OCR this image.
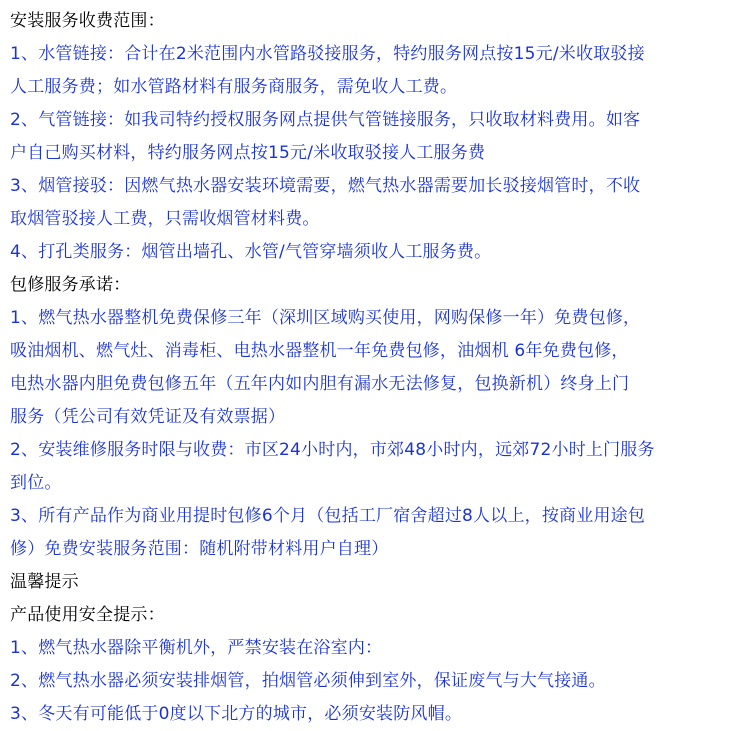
安装服务收费范围：
1、水管链接：合计在2米范围内水管路驳接服务，特约服务网点按15元/米收取驳接
人工服务费；如水管路材料有服务商服务，需免收人工费。
2、气管链接：如我司特约授权服务网点提供气管链接服务，只收取材料费用。如客
户自己购买材料，特约服务网点按15元/米收取驳接人工服务费
3、烟管接驳：因燃气热水器安装环境需要，燃气热水器需要加长驳接烟管时，不收
取烟管驳接人工费，只需收烟管材料费。
4、打孔类服务：烟管出墙孔、水管/气管穿墙须收人工服务费。
包修服务承诺：
1、燃气热水器整机免费保修三年（深圳区域购买使用，网购保修一年）免费包修，
吸油烟机、燃气灶、消毒柜、电热水器整机一年免费包修，油烟机 6年免费包修，
电热水器内胆免费包修五年（五年内如内胆有漏水无法修复，包换新机）终身上门
服务（凭公司有效凭证及有效票据）
2、安装维修服务时限与收费：市区24小时内，市郊48小时内，远郊72小时上门服务
到位。
3、所有产品作为商业用提时包修6个月（包括工厂宿舍超过8人以上，按商业用途包
修）免费安装服务范围：随机附带材料用户自理）
温馨提示
产品使用安全提示：
1、燃气热水器除平衡机外，严禁安装在浴室内：
2、燃气热水器必须安装排烟管，拍烟管必须伸到室外，保证废气与大气接通。
3、冬天有可能低于0度以下北方的城市，必须安装防风帽。
